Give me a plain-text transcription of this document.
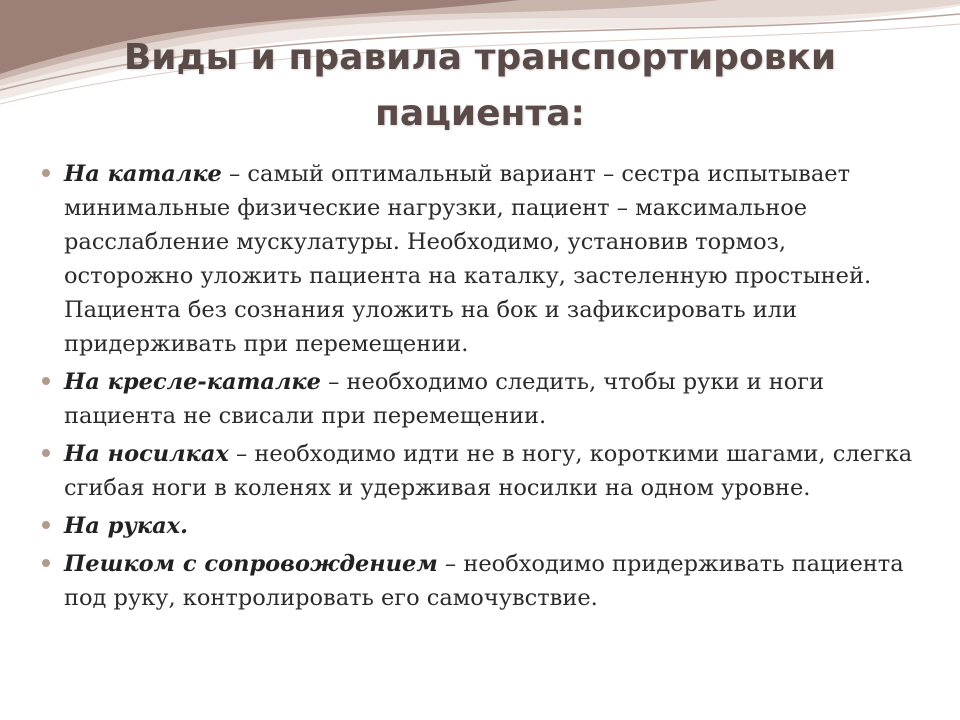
Виды и правила транспортировки
пациента:
На каталке – самый оптимальный вариант – сестра испытывает минимальные физические нагрузки, пациент – максимальное расслабление мускулатуры. Необходимо, установив тормоз, осторожно уложить пациента на каталку, застеленную простыней. Пациента без сознания уложить на бок и зафиксировать или придерживать при перемещении.
На кресле-каталке – необходимо следить, чтобы руки и ноги пациента не свисали при перемещении.
На носилках – необходимо идти не в ногу, короткими шагами, слегка сгибая ноги в коленях и удерживая носилки на одном уровне.
На руках.
Пешком с сопровождением – необходимо придерживать пациента под руку, контролировать его самочувствие.
